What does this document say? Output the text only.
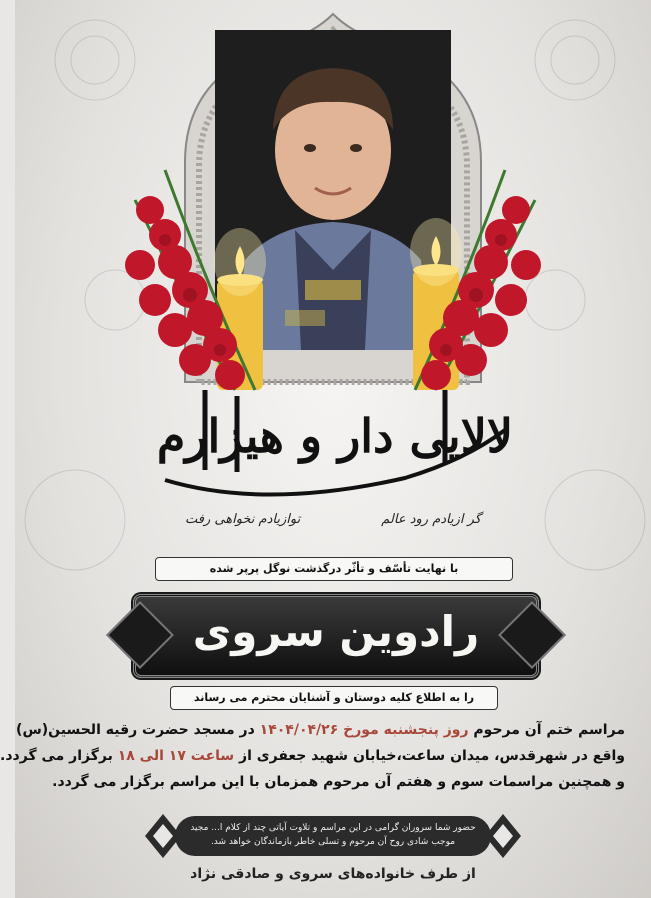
لالایی دار و هیزارم
گر ازیادم رود عالم
توازیادم نخواهی رفت
با نهایت تأسّف و تأثّر درگذشت نوگل پرپر شده
رادوین سروی
را به اطلاع کلیه دوستان و آشنایان محترم می رساند
مراسم ختم آن مرحوم روز پنجشنبه مورخ ۱۴۰۴/۰۴/۲۶ در مسجد حضرت رقیه الحسین(س)
واقع در شهرقدس، میدان ساعت،خیابان شهید جعفری از ساعت ۱۷ الی ۱۸ برگزار می گردد.
و همچنین مراسمات سوم و هفتم آن مرحوم همزمان با این مراسم برگزار می گردد.
حضور شما سروران گرامی در این مراسم و تلاوت آیاتی چند از کلام ا... مجید
موجب شادی روح آن مرحوم و تسلی خاطر بازماندگان خواهد شد.
از طرف خانواده‌های سروی و صادقی نژاد
